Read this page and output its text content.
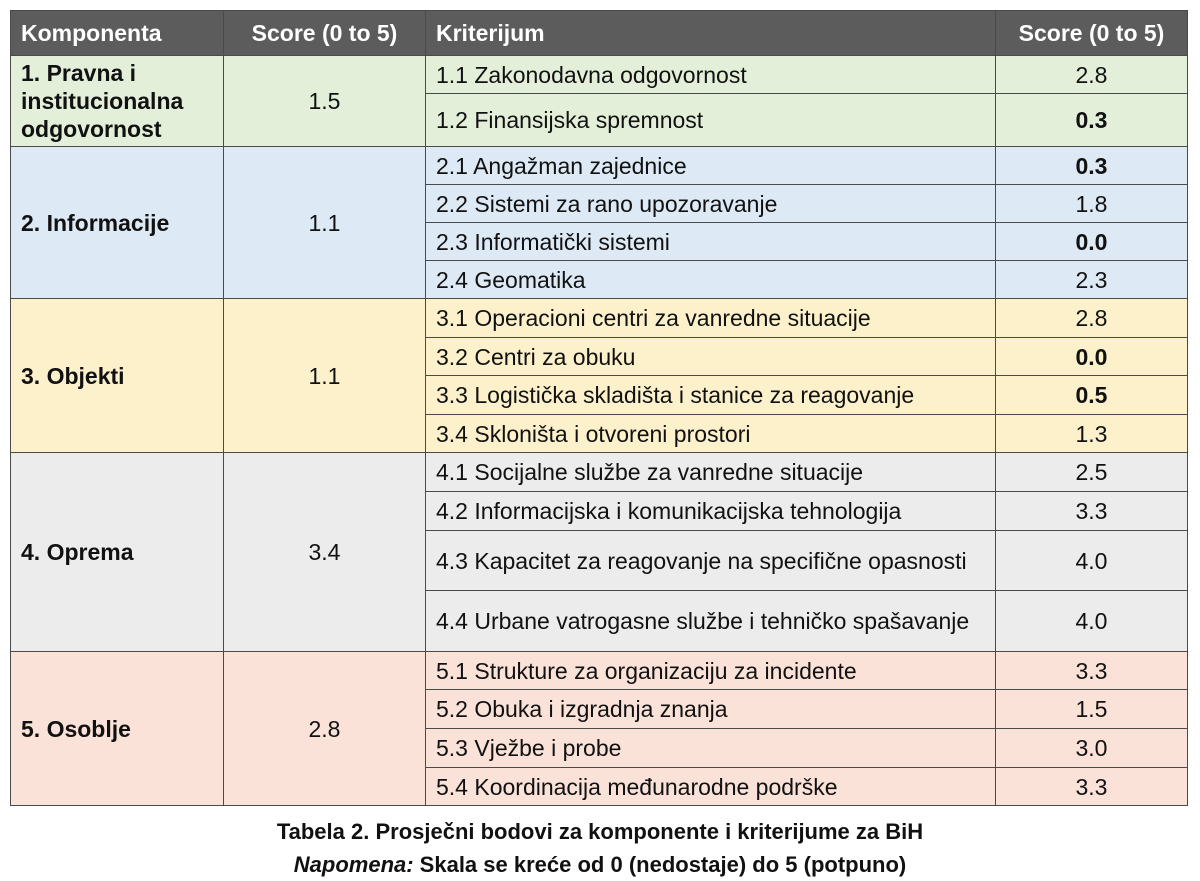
Komponenta	Score (0 to 5)	Kriterijum	Score (0 to 5)
1. Pravna i institucionalna odgovornost	1.5	1.1 Zakonodavna odgovornost	2.8
		1.2 Finansijska spremnost	0.3
2. Informacije	1.1	2.1 Angažman zajednice	0.3
		2.2 Sistemi za rano upozoravanje	1.8
		2.3 Informatički sistemi	0.0
		2.4 Geomatika	2.3
3. Objekti	1.1	3.1 Operacioni centri za vanredne situacije	2.8
		3.2 Centri za obuku	0.0
		3.3 Logistička skladišta i stanice za reagovanje	0.5
		3.4 Skloništa i otvoreni prostori	1.3
4. Oprema	3.4	4.1 Socijalne službe za vanredne situacije	2.5
		4.2 Informacijska i komunikacijska tehnologija	3.3
		4.3 Kapacitet za reagovanje na specifične opasnosti	4.0
		4.4 Urbane vatrogasne službe i tehničko spašavanje	4.0
5. Osoblje	2.8	5.1 Strukture za organizaciju za incidente	3.3
		5.2 Obuka i izgradnja znanja	1.5
		5.3 Vježbe i probe	3.0
		5.4 Koordinacija međunarodne podrške	3.3
Tabela 2. Prosječni bodovi za komponente i kriterijume za BiH
Napomena: Skala se kreće od 0 (nedostaje) do 5 (potpuno)
